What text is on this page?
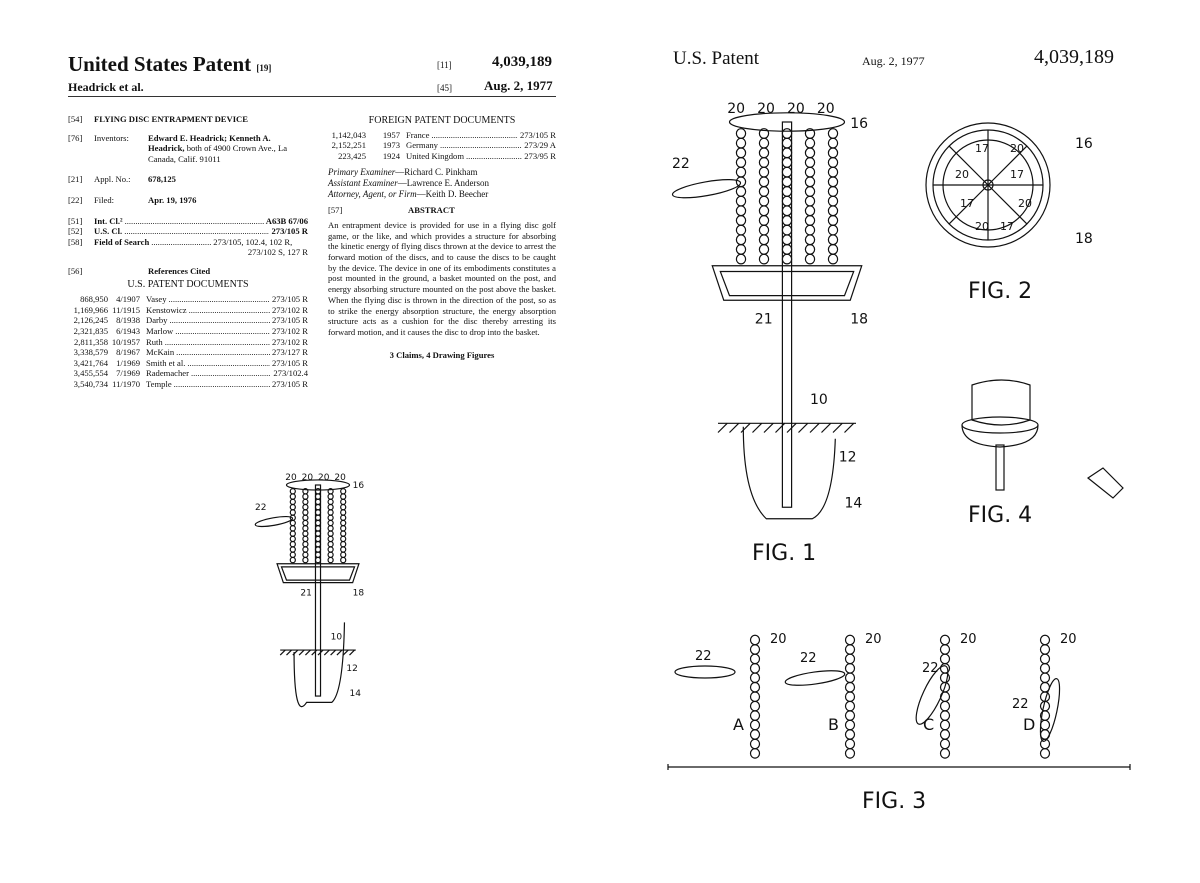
United States Patent [19]
Headrick et al.
[11]	4,039,189
[45] Aug. 2, 1977
[54]	FLYING DISC ENTRAPMENT DEVICE
[76]	Inventors:	Edward E. Headrick; Kenneth A. Headrick, both of 4900 Crown Ave., La Canada, Calif. 91011
[21]	Appl. No.:	678,125
[22]	Filed:	Apr. 19, 1976
[51]	Int. Cl.² .....	A63B 67/06
[52]	U.S. Cl. .....	273/105 R
[58]	Field of Search .....	273/105, 102.4, 102 R,
273/102 S, 127 R
[56]	References Cited
U.S. PATENT DOCUMENTS
868,950 4/1907 Vasey .....	273/105 R
1,169,966 11/1915 Kenstowicz .....	273/102 R
2,126,245 8/1938 Darby .....	273/105 R
2,321,835 6/1943 Marlow .....	273/102 R
2,811,358 10/1957 Ruth .....	273/102 R
3,338,579 8/1967 McKain .....	273/127 R
3,421,764 1/1969 Smith et al. .....	273/105 R
3,455,554 7/1969 Rademacher .....	273/102.4
3,540,734 11/1970 Temple .....	273/105 R
FOREIGN PATENT DOCUMENTS
1,142,043	1957 France .....	273/105 R
2,152,251	1973 Germany .....	273/29 A
223,425	1924 United Kingdom .....	273/95 R
Primary Examiner—Richard C. Pinkham
Assistant Examiner—Lawrence E. Anderson
Attorney, Agent, or Firm—Keith D. Beecher
[57]	ABSTRACT
An entrapment device is provided for use in a flying disc golf game, or the like, and which provides a structure for absorbing the kinetic energy of flying discs thrown at the device to arrest the forward motion of the discs, and to cause the discs to be caught by the device. The device in one of its embodiments constitutes a post mounted in the ground, a basket mounted on the post, and energy absorbing structure mounted on the post above the basket. When the flying disc is thrown in the direction of the post, so as to strike the energy absorption structure, the energy absorption structure acts as a cushion for the disc thereby arresting its forward motion, and it causes the disc to drop into the basket.
3 Claims, 4 Drawing Figures
U.S. Patent	Aug. 2, 1977	4,039,189
20 20 20 20
16
22
21	18
10
12
14
20 20 20 20
16
22
21	18
10
12
14
FIG. 1
16
18
17 20
20	17
17	20
20 17
FIG. 2
FIG. 4
20
A
20
B
20
C
20
D
22	22
22
22
FIG. 3
